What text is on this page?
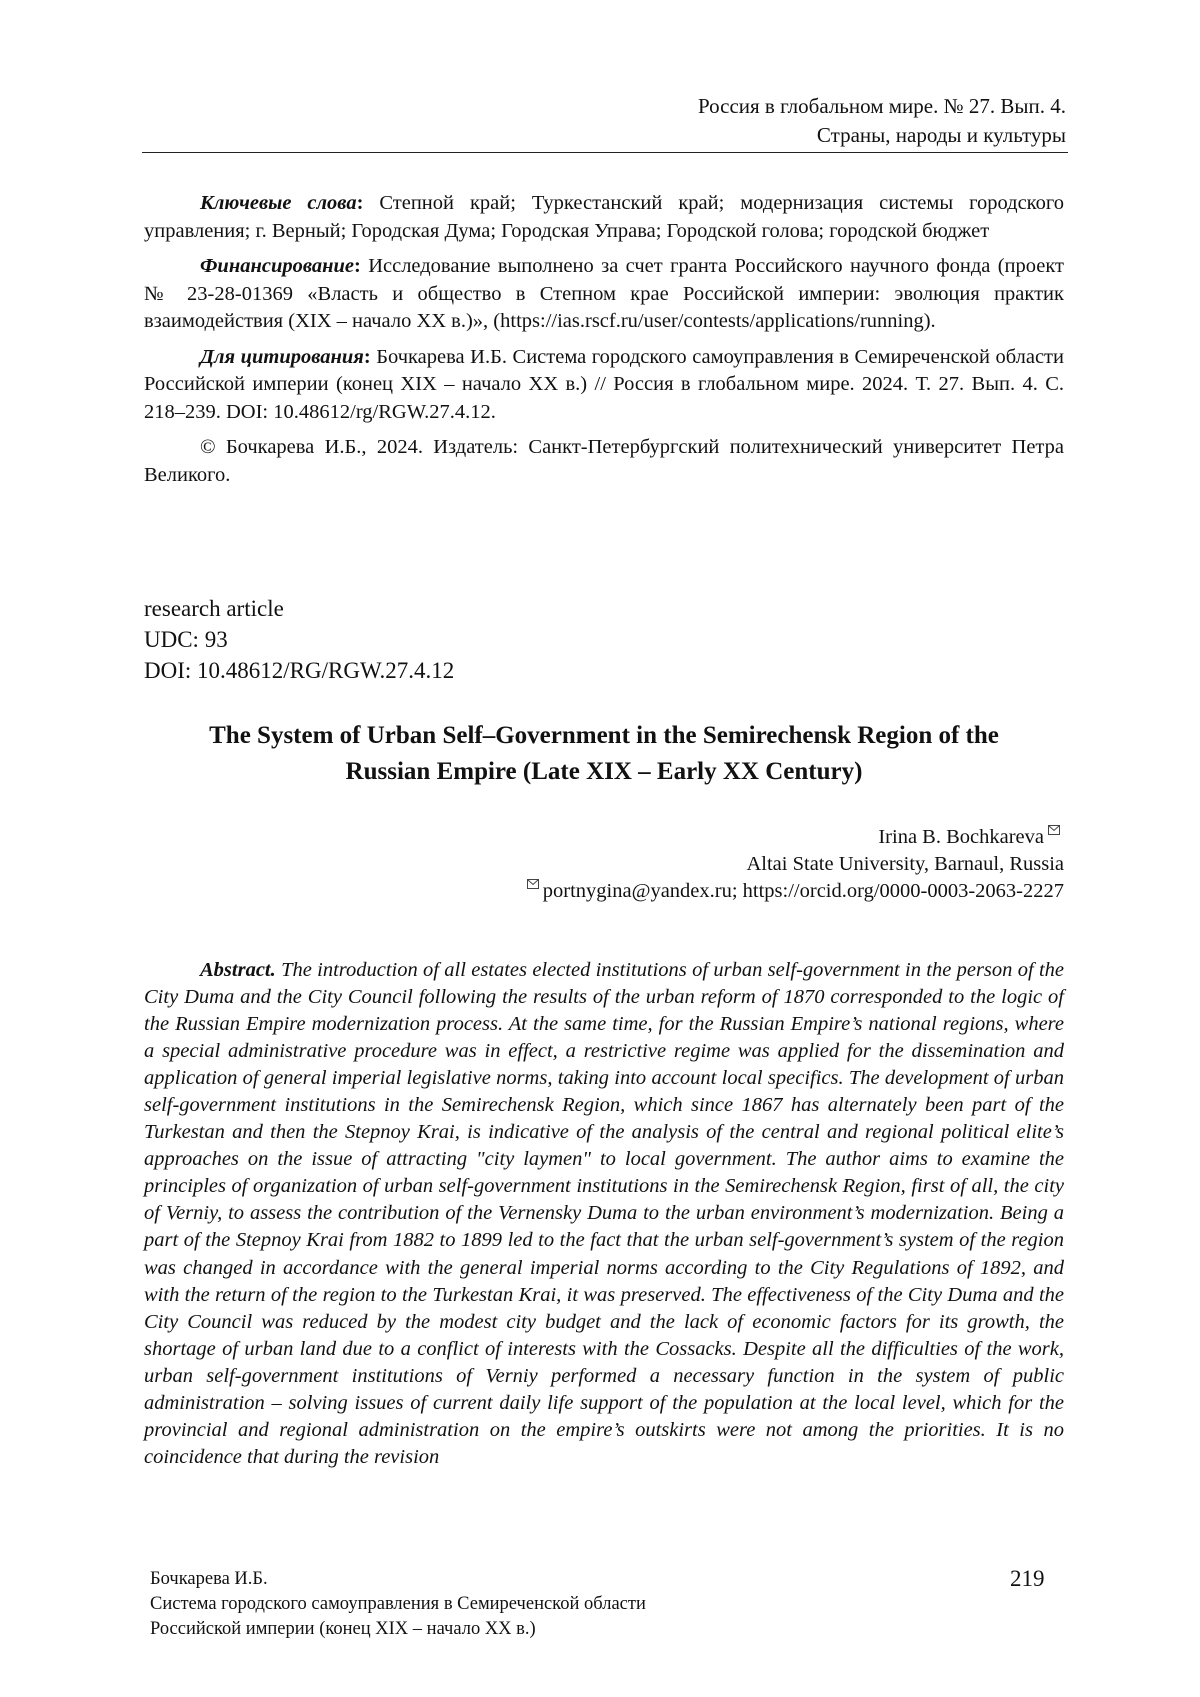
Россия в глобальном мире. № 27. Вып. 4.
Страны, народы и культуры

Ключевые слова: Степной край; Туркестанский край; модернизация системы городского управления; г. Верный; Городская Дума; Городская Управа; Городской голова; городской бюджет

Финансирование: Исследование выполнено за счет гранта Российского научного фонда (проект № 23-28-01369 «Власть и общество в Степном крае Российской империи: эволюция практик взаимодействия (XIX – начало XX в.)», (https://ias.rscf.ru/user/contests/applications/running).

Для цитирования: Бочкарева И.Б. Система городского самоуправления в Семиреченской области Российской империи (конец XIX – начало XX в.) // Россия в глобальном мире. 2024. Т. 27. Вып. 4. С. 218–239. DOI: 10.48612/rg/RGW.27.4.12.

© Бочкарева И.Б., 2024. Издатель: Санкт-Петербургский политехнический университет Петра Великого.

research article
UDC: 93
DOI: 10.48612/RG/RGW.27.4.12
The System of Urban Self–Government in the Semirechensk Region of the
Russian Empire (Late XIX – Early XX Century)
Irina B. Bochkareva
Altai State University, Barnaul, Russia
portnygina@yandex.ru; https://orcid.org/0000-0003-2063-2227

Abstract. The introduction of all estates elected institutions of urban self-government in the person of the City Duma and the City Council following the results of the urban reform of 1870 corresponded to the logic of the Russian Empire modernization process. At the same time, for the Russian Empire’s national regions, where a special administrative procedure was in effect, a restrictive regime was applied for the dissemination and application of general imperial legislative norms, taking into account local specifics. The development of urban self-government institutions in the Semirechensk Region, which since 1867 has alternately been part of the Turkestan and then the Stepnoy Krai, is indicative of the analysis of the central and regional political elite’s approaches on the issue of attracting "city laymen" to local government. The author aims to examine the principles of organization of urban self-government institutions in the Semirechensk Region, first of all, the city of Verniy, to assess the contribution of the Vernensky Duma to the urban environment’s modernization. Being a part of the Stepnoy Krai from 1882 to 1899 led to the fact that the urban self-government’s system of the region was changed in accordance with the general imperial norms according to the City Regulations of 1892, and with the return of the region to the Turkestan Krai, it was preserved. The effectiveness of the City Duma and the City Council was reduced by the modest city budget and the lack of economic factors for its growth, the shortage of urban land due to a conflict of interests with the Cossacks. Despite all the difficulties of the work, urban self-government institutions of Verniy performed a necessary function in the system of public administration – solving issues of current daily life support of the population at the local level, which for the provincial and regional administration on the empire’s outskirts were not among the priorities. It is no coincidence that during the revision

Бочкарева И.Б.
Система городского самоуправления в Семиреченской области
Российской империи (конец XIX – начало XX в.)
219
